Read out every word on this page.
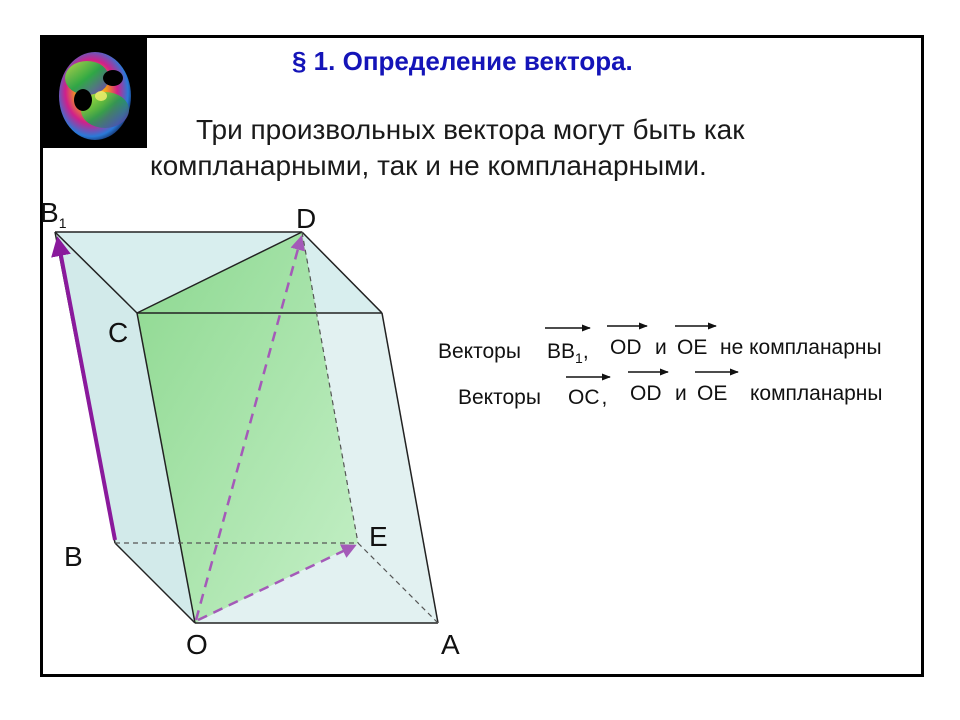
§ 1. Определение вектора.
Три произвольных вектора могут быть как
компланарными, так и не компланарными.
$B_1$	D
C
B
E
O	A
Векторы $BB_1$, OD и OE не компланарны
Векторы OC, OD и OE компланарны
